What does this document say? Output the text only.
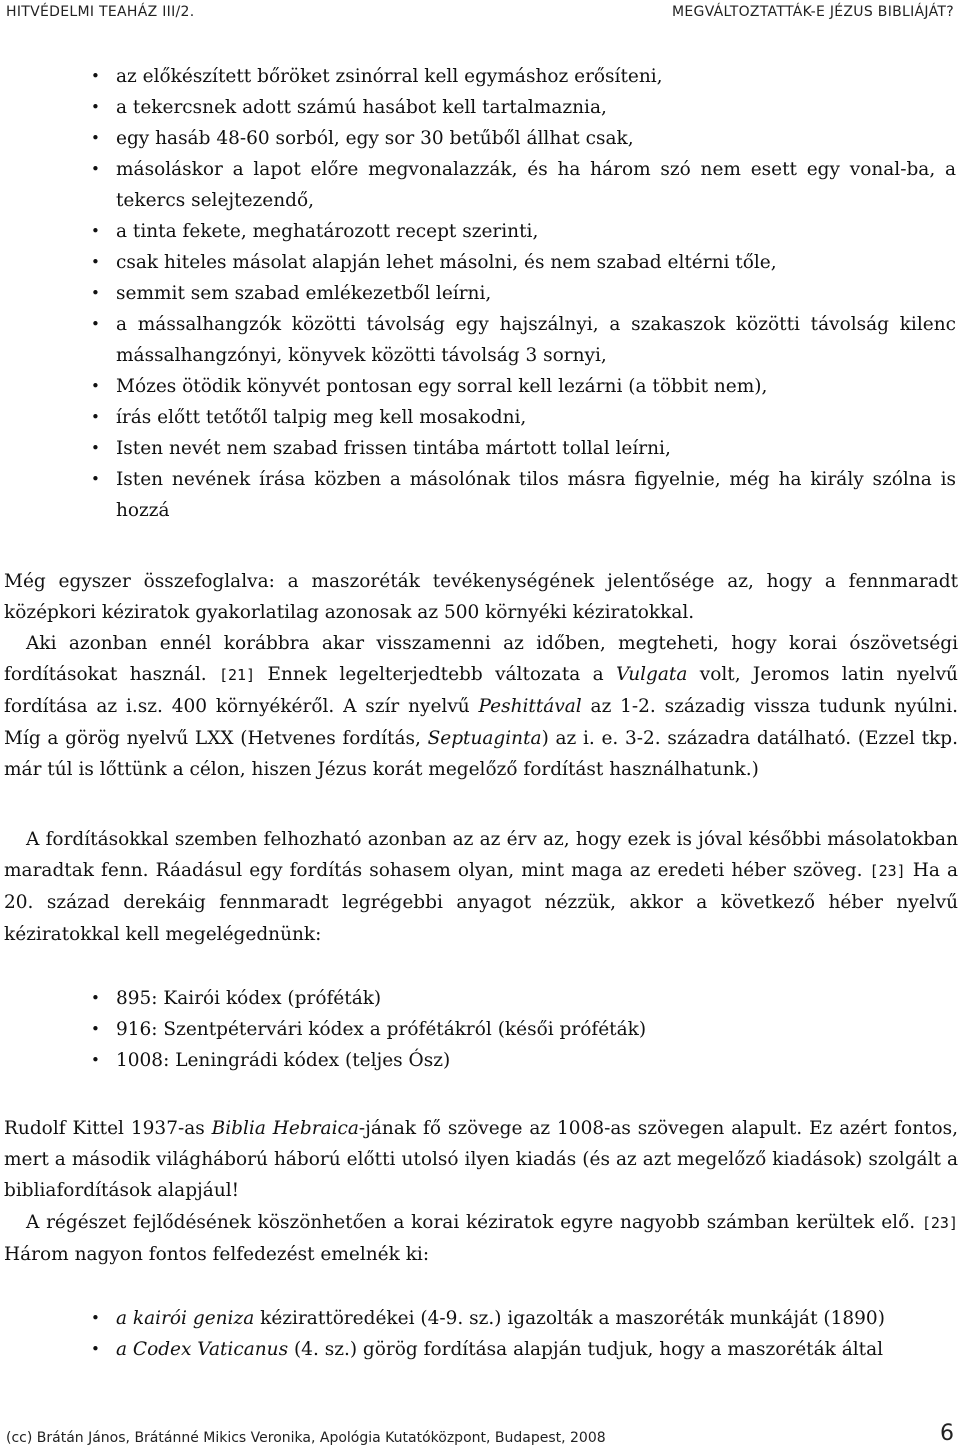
HITVÉDELMI TEAHÁZ III/2.	MEGVÁLTOZTATTÁK-E JÉZUS BIBLIÁJÁT?
• az előkészített bőröket zsinórral kell egymáshoz erősíteni,
• a tekercsnek adott számú hasábot kell tartalmaznia,
• egy hasáb 48-60 sorból, egy sor 30 betűből állhat csak,
• másoláskor a lapot előre megvonalazzák, és ha három szó nem esett egy vonal-ba, a tekercs selejtezendő,
• a tinta fekete, meghatározott recept szerinti,
• csak hiteles másolat alapján lehet másolni, és nem szabad eltérni tőle,
• semmit sem szabad emlékezetből leírni,
• a mássalhangzók közötti távolság egy hajszálnyi, a szakaszok közötti távolság kilenc mássalhangzónyi, könyvek közötti távolság 3 sornyi,
• Mózes ötödik könyvét pontosan egy sorral kell lezárni (a többit nem),
• írás előtt tetőtől talpig meg kell mosakodni,
• Isten nevét nem szabad frissen tintába mártott tollal leírni,
• Isten nevének írása közben a másolónak tilos másra figyelnie, még ha király szólna is hozzá

Még egyszer összefoglalva: a maszoréták tevékenységének jelentősége az, hogy a fennmaradt középkori kéziratok gyakorlatilag azonosak az 500 környéki kéziratokkal.

Aki azonban ennél korábbra akar visszamenni az időben, megteheti, hogy korai ószövetségi fordításokat használ. [21] Ennek legelterjedtebb változata a Vulgata volt, Jeromos latin nyelvű fordítása az i.sz. 400 környékéről. A szír nyelvű Peshittával az 1-2. századig vissza tudunk nyúlni. Míg a görög nyelvű LXX (Hetvenes fordítás, Septuaginta) az i. e. 3-2. századra datálható. (Ezzel tkp. már túl is lőttünk a célon, hiszen Jézus korát megelőző fordítást használhatunk.)

A fordításokkal szemben felhozható azonban az az érv az, hogy ezek is jóval későbbi másolatokban maradtak fenn. Ráadásul egy fordítás sohasem olyan, mint maga az eredeti héber szöveg. [23] Ha a 20. század derekáig fennmaradt legrégebbi anyagot nézzük, akkor a következő héber nyelvű kéziratokkal kell megelégednünk:

• 895: Kairói kódex (próféták)
• 916: Szentpétervári kódex a prófétákról (késői próféták)
• 1008: Leningrádi kódex (teljes Ósz)

Rudolf Kittel 1937-as Biblia Hebraica-jának fő szövege az 1008-as szövegen alapult. Ez azért fontos, mert a második világháború háború előtti utolsó ilyen kiadás (és az azt megelőző kiadások) szolgált a bibliafordítások alapjául!

A régészet fejlődésének köszönhetően a korai kéziratok egyre nagyobb számban kerültek elő. [23] Három nagyon fontos felfedezést emelnék ki:

• a kairói geniza kézirattöredékei (4-9. sz.) igazolták a maszoréták munkáját (1890)
• a Codex Vaticanus (4. sz.) görög fordítása alapján tudjuk, hogy a maszoréták által
(cc) Brátán János, Brátánné Mikics Veronika, Apológia Kutatóközpont, Budapest, 2008	6
